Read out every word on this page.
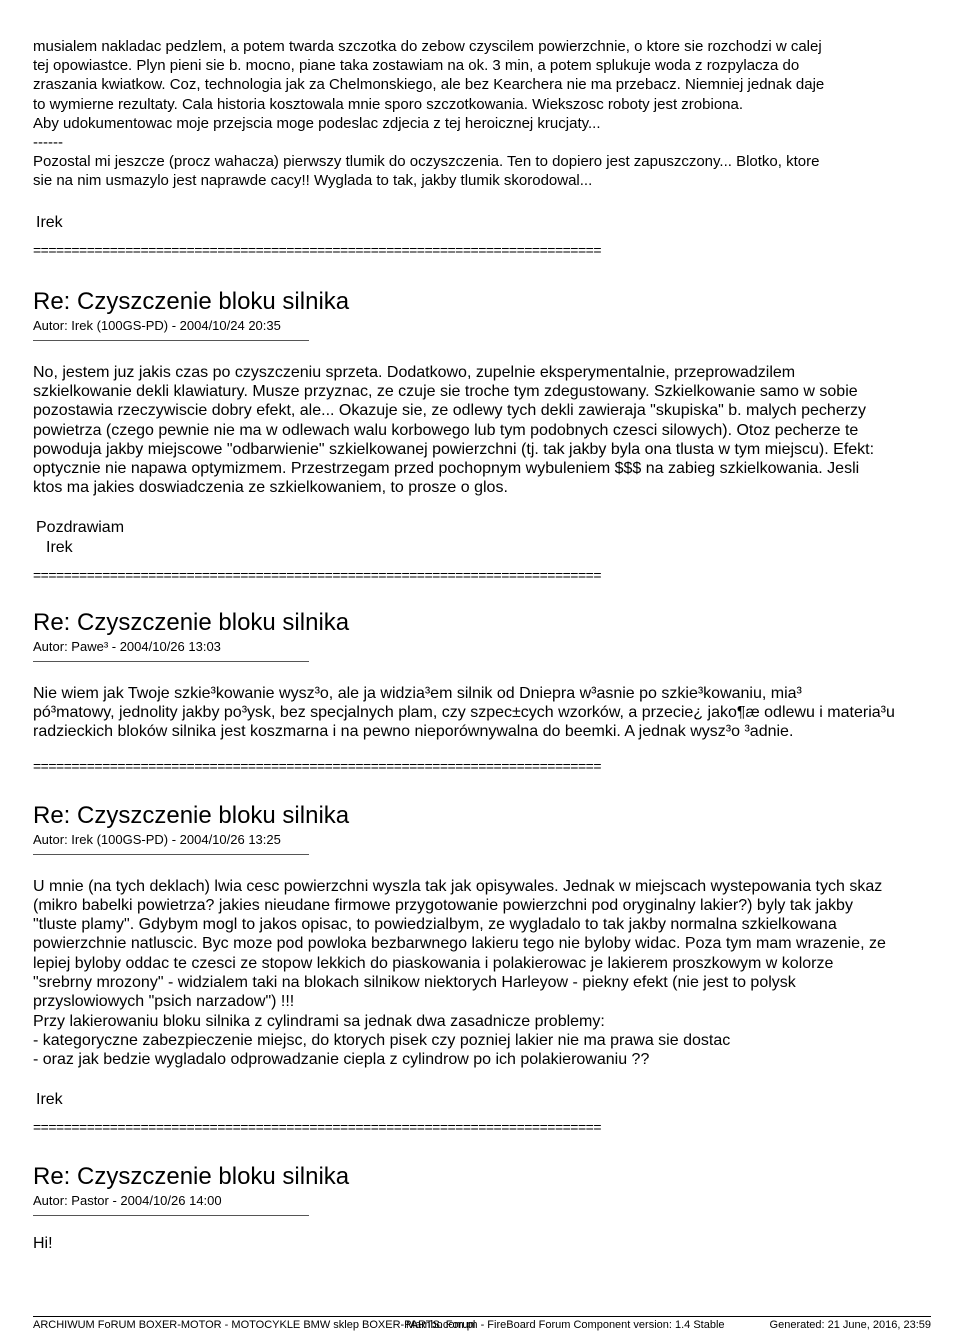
musialem nakladac pedzlem, a potem twarda szczotka do zebow czyscilem powierzchnie, o ktore sie rozchodzi w calej

tej opowiastce. Plyn pieni sie b. mocno, piane taka zostawiam na ok. 3 min, a potem splukuje woda z rozpylacza do

zraszania kwiatkow. Coz, technologia jak za Chelmonskiego, ale bez Kearchera nie ma przebacz. Niemniej jednak daje

to wymierne rezultaty. Cala historia kosztowala mnie sporo szczotkowania. Wiekszosc roboty jest zrobiona.

Aby udokumentowac moje przejscia moge podeslac zdjecia z tej heroicznej krucjaty...

------

Pozostal mi jeszcze (procz wahacza) pierwszy tlumik do oczyszczenia. Ten to dopiero jest zapuszczony... Blotko, ktore

sie na nim usmazylo jest naprawde cacy!! Wyglada to tak, jakby tlumik skorodowal...

Irek

==========================================================================

Re: Czyszczenie bloku silnika

Autor: Irek (100GS-PD) - 2004/10/24 20:35

No, jestem juz jakis czas po czyszczeniu sprzeta. Dodatkowo, zupelnie eksperymentalnie, przeprowadzilem

szkielkowanie dekli klawiatury. Musze przyznac, ze czuje sie troche tym zdegustowany. Szkielkowanie samo w sobie

pozostawia rzeczywiscie dobry efekt, ale... Okazuje sie, ze odlewy tych dekli zawieraja "skupiska" b. malych pecherzy

powietrza (czego pewnie nie ma w odlewach walu korbowego lub tym podobnych czesci silowych). Otoz pecherze te

powoduja jakby miejscowe "odbarwienie" szkielkowanej powierzchni (tj. tak jakby byla ona tlusta w tym miejscu). Efekt:

optycznie nie napawa optymizmem. Przestrzegam przed pochopnym wybuleniem $$$ na zabieg szkielkowania. Jesli

ktos ma jakies doswiadczenia ze szkielkowaniem, to prosze o glos.

Pozdrawiam

Irek

==========================================================================

Re: Czyszczenie bloku silnika

Autor: Pawe³ - 2004/10/26 13:03

Nie wiem jak Twoje szkie³kowanie wysz³o, ale ja widzia³em silnik od Dniepra w³asnie po szkie³kowaniu, mia³

pó³matowy, jednolity jakby po³ysk, bez specjalnych plam, czy szpec±cych wzorków, a przecie¿ jako¶æ odlewu i materia³u

radzieckich bloków silnika jest koszmarna i na pewno nieporównywalna do beemki. A jednak wysz³o ³adnie.

==========================================================================

Re: Czyszczenie bloku silnika

Autor: Irek (100GS-PD) - 2004/10/26 13:25

U mnie (na tych deklach) lwia cesc powierzchni wyszla tak jak opisywales. Jednak w miejscach wystepowania tych skaz

(mikro babelki powietrza? jakies nieudane firmowe przygotowanie powierzchni pod oryginalny lakier?) byly tak jakby

"tluste plamy". Gdybym mogl to jakos opisac, to powiedzialbym, ze wygladalo to tak jakby normalna szkielkowana

powierzchnie natluscic. Byc moze pod powloka bezbarwnego lakieru tego nie byloby widac. Poza tym mam wrazenie, ze

lepiej byloby oddac te czesci ze stopow lekkich do piaskowania i polakierowac je lakierem proszkowym w kolorze

"srebrny mrozony" - widzialem taki na blokach silnikow niektorych Harleyow - piekny efekt (nie jest to polysk

przyslowiowych "psich narzadow") !!!

Przy lakierowaniu bloku silnika z cylindrami sa jednak dwa zasadnicze problemy:

- kategoryczne zabezpieczenie miejsc, do ktorych pisek czy pozniej lakier nie ma prawa sie dostac

- oraz jak bedzie wygladalo odprowadzanie ciepla z cylindrow po ich polakierowaniu ??

Irek

==========================================================================

Re: Czyszczenie bloku silnika

Autor: Pastor - 2004/10/26 14:00

Hi!

ARCHIWUM FoRUM BOXER-MOTOR - MOTOCYKLE BMW sklep BOXER-PARTS.com.pl
Mambo Forum - FireBoard Forum Component version: 1.4 Stable	Generated: 21 June, 2016, 23:59
